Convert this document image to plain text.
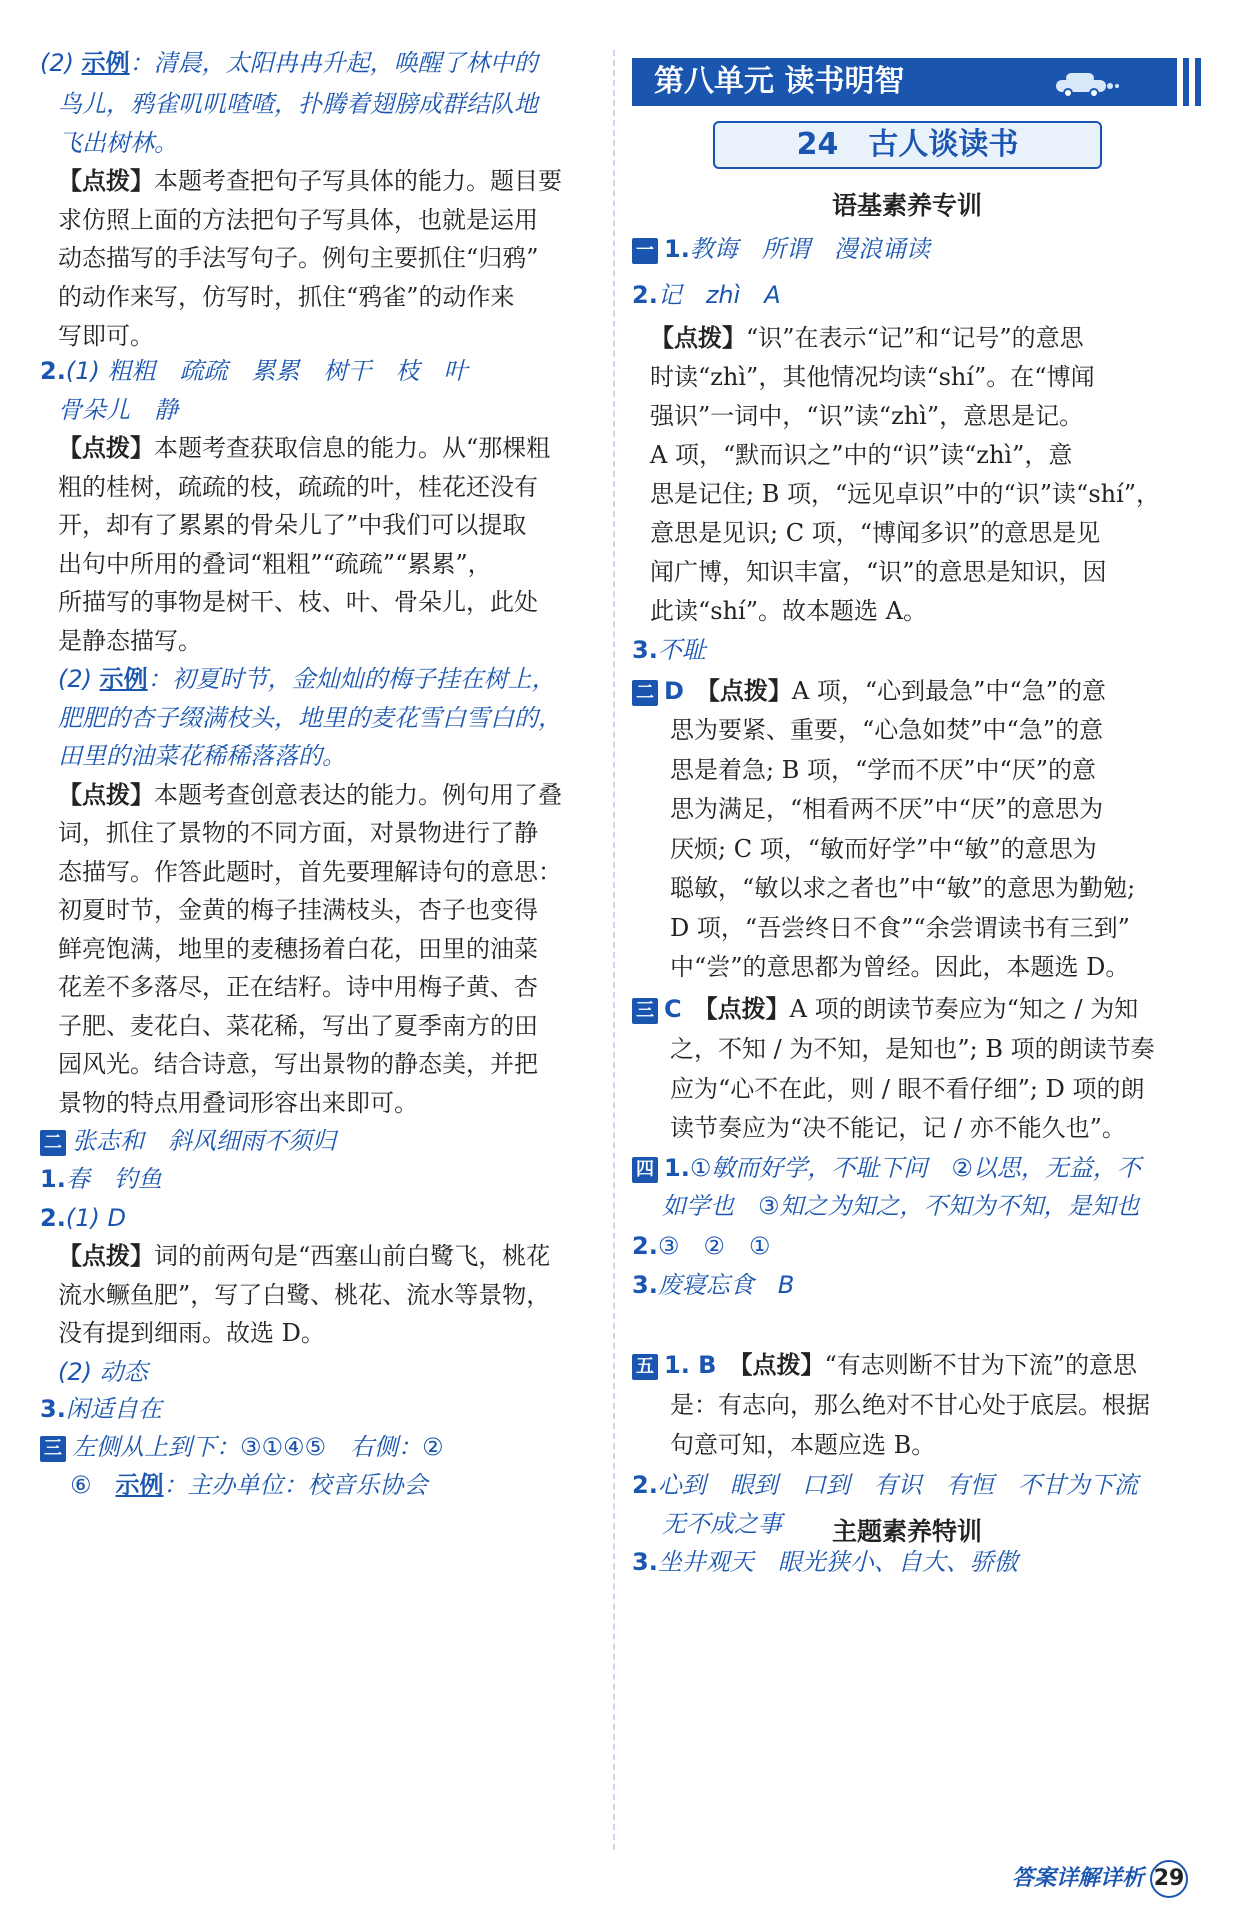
(2) 示例：清晨，太阳冉冉升起，唤醒了林中的
鸟儿，鸦雀叽叽喳喳，扑腾着翅膀成群结队地
飞出树林。
【点拨】本题考查把句子写具体的能力。题目要
求仿照上面的方法把句子写具体，也就是运用
动态描写的手法写句子。例句主要抓住“归鸦”
的动作来写，仿写时，抓住“鸦雀”的动作来
写即可。
2.(1) 粗粗　疏疏　累累　树干　枝　叶
骨朵儿　静
【点拨】本题考查获取信息的能力。从“那棵粗
粗的桂树，疏疏的枝，疏疏的叶，桂花还没有
开，却有了累累的骨朵儿了”中我们可以提取
出句中所用的叠词“粗粗”“疏疏”“累累”，
所描写的事物是树干、枝、叶、骨朵儿，此处
是静态描写。
(2) 示例：初夏时节，金灿灿的梅子挂在树上，
肥肥的杏子缀满枝头，地里的麦花雪白雪白的，
田里的油菜花稀稀落落的。
【点拨】本题考查创意表达的能力。例句用了叠
词，抓住了景物的不同方面，对景物进行了静
态描写。作答此题时，首先要理解诗句的意思：
初夏时节，金黄的梅子挂满枝头，杏子也变得
鲜亮饱满，地里的麦穗扬着白花，田里的油菜
花差不多落尽，正在结籽。诗中用梅子黄、杏
子肥、麦花白、菜花稀，写出了夏季南方的田
园风光。结合诗意，写出景物的静态美，并把
景物的特点用叠词形容出来即可。
二 张志和　斜风细雨不须归
1.春　钓鱼
2.(1) D
【点拨】词的前两句是“西塞山前白鹭飞，桃花
流水鳜鱼肥”，写了白鹭、桃花、流水等景物，
没有提到细雨。故选 D。
(2) 动态
3.闲适自在
三 左侧从上到下：③①④⑤　右侧：②
⑥　示例：主办单位：校音乐协会
第八单元 读书明智
24　古人谈读书
语基素养专训
主题素养特训
一 1.教诲　所谓　漫浪诵读
2.记　zhì　A
【点拨】“识”在表示“记”和“记号”的意思
时读“zhì”，其他情况均读“shí”。在“博闻
强识”一词中，“识”读“zhì”，意思是记。
A 项，“默而识之”中的“识”读“zhì”，意
思是记住; B 项，“远见卓识”中的“识”读“shí”，
意思是见识; C 项，“博闻多识”的意思是见
闻广博，知识丰富，“识”的意思是知识，因
此读“shí”。故本题选 A。
3.不耻
二 D　【点拨】A 项，“心到最急”中“急”的意
思为要紧、重要，“心急如焚”中“急”的意
思是着急; B 项，“学而不厌”中“厌”的意
思为满足，“相看两不厌”中“厌”的意思为
厌烦; C 项，“敏而好学”中“敏”的意思为
聪敏，“敏以求之者也”中“敏”的意思为勤勉;
D 项，“吾尝终日不食”“余尝谓读书有三到”
中“尝”的意思都为曾经。因此，本题选 D。
三 C　【点拨】A 项的朗读节奏应为“知之 / 为知
之，不知 / 为不知，是知也”; B 项的朗读节奏
应为“心不在此，则 / 眼不看仔细”; D 项的朗
读节奏应为“决不能记，记 / 亦不能久也”。
四 1.①敏而好学，不耻下问　②以思，无益，不
如学也　③知之为知之，不知为不知，是知也
2.③　②　①
3.废寝忘食　B
五 1. B　【点拨】“有志则断不甘为下流”的意思
是：有志向，那么绝对不甘心处于底层。根据
句意可知，本题应选 B。
2.心到　眼到　口到　有识　有恒　不甘为下流
无不成之事
3.坐井观天　眼光狭小、自大、骄傲
答案详解详析 29
